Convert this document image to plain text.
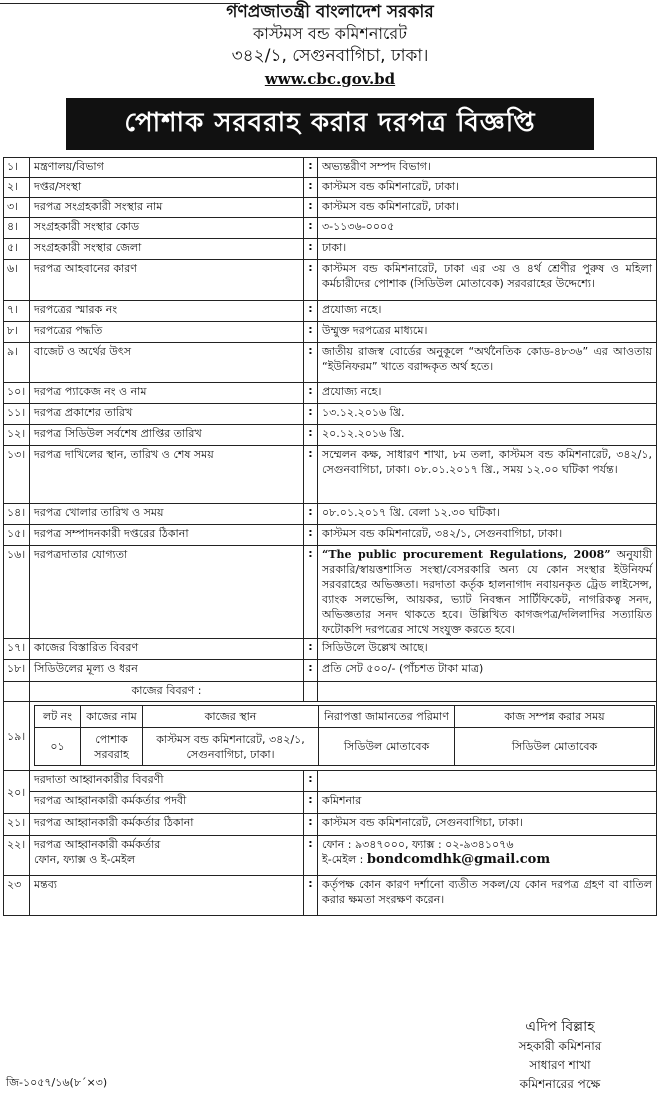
গণপ্রজাতন্ত্রী বাংলাদেশ সরকার
কাস্টমস বন্ড কমিশনারেট
৩৪২/১, সেগুনবাগিচা, ঢাকা।
www.cbc.gov.bd
পোশাক সরবরাহ করার দরপত্র বিজ্ঞপ্তি
১।	মন্ত্রণালয়/বিভাগ	:	অভ্যন্তরীণ সম্পদ বিভাগ।
২।	দপ্তর/সংস্থা	:	কাস্টমস বন্ড কমিশনারেট, ঢাকা।
৩।	দরপত্র সংগ্রহকারী সংস্থার নাম	:	কাস্টমস বন্ড কমিশনারেট, ঢাকা।
৪।	সংগ্রহকারী সংস্থার কোড	:	৩-১১৩৬-০০০৫
৫।	সংগ্রহকারী সংস্থার জেলা	:	ঢাকা।
৬।	দরপত্র আহবানের কারণ	:	কাস্টমস বন্ড কমিশনারেট, ঢাকা এর ৩য় ও ৪র্থ শ্রেণীর পুরুষ ও মহিলা কর্মচারীদের পোশাক (সিডিউল মোতাবেক) সরবরাহের উদ্দেশ্যে।
৭।	দরপত্রের স্মারক নং	:	প্রযোজ্য নহে।
৮।	দরপত্রের পদ্ধতি	:	উম্মুক্ত দরপত্রের মাধ্যমে।
৯।	বাজেট ও অর্থের উৎস	:	জাতীয় রাজস্ব বোর্ডের অনুকূলে “অর্থনৈতিক কোড-৪৮৩৬” এর আওতায় “ইউনিফরম” খাতে বরাদ্দকৃত অর্থ হতে।
১০।	দরপত্র প্যাকেজ নং ও নাম	:	প্রযোজ্য নহে।
১১।	দরপত্র প্রকাশের তারিখ	:	১৩.১২.২০১৬ খ্রি.
১২।	দরপত্র সিডিউল সর্বশেষ প্রাপ্তির তারিখ	:	২০.১২.২০১৬ খ্রি.
১৩।	দরপত্র দাখিলের স্থান, তারিখ ও শেষ সময়	:	সম্মেলন কক্ষ, সাধারণ শাখা, ৮ম তলা, কাস্টমস বন্ড কমিশনারেট, ৩৪২/১, সেগুনবাগিচা, ঢাকা। ০৮.০১.২০১৭ খ্রি., সময় ১২.০০ ঘটিকা পর্যন্ত।
১৪।	দরপত্র খোলার তারিখ ও সময়	:	০৮.০১.২০১৭ খ্রি. বেলা ১২.৩০ ঘটিকা।
১৫।	দরপত্র সম্পাদনকারী দপ্তরের ঠিকানা	:	কাস্টমস বন্ড কমিশনারেট, ৩৪২/১, সেগুনবাগিচা, ঢাকা।
১৬।	দরপত্রদাতার যোগ্যতা	:	“The public procurement Regulations, 2008” অনুযায়ী সরকারি/স্বায়ত্তশাসিত সংস্থা/বেসরকারি অন্য যে কোন সংস্থার ইউনিফর্ম সরবরাহের অভিজ্ঞতা। দরদাতা কর্তৃক হালনাগাদ নবায়নকৃত ট্রেড লাইসেন্স, ব্যাংক সলভেন্সি, আয়কর, ভ্যাট নিবন্ধন সার্টিফিকেট, নাগরিকত্ব সনদ, অভিজ্ঞতার সনদ থাকতে হবে। উল্লিখিত কাগজপত্র/দলিলাদির সত্যায়িত ফটোকপি দরপত্রের সাথে সংযুক্ত করতে হবে।
১৭।	কাজের বিস্তারিত বিবরণ	:	সিডিউলে উল্লেখ আছে।
১৮।	সিডিউলের মূল্য ও ধরন	:	প্রতি সেট ৫০০/- (পাঁচশত টাকা মাত্র)
	কাজের বিবরণ :		
১৯।	
লট নং	কাজের নাম	কাজের স্থান	নিরাপত্তা জামানতের পরিমাণ	কাজ সম্পন্ন করার সময়
০১	পোশাক সরবরাহ	কাস্টমস বন্ড কমিশনারেট, ৩৪২/১, সেগুনবাগিচা, ঢাকা।	সিডিউল মোতাবেক	সিডিউল মোতাবেক

২০।	দরদাতা আহ্বানকারীর বিবরণী	:	
দরপত্র আহ্বানকারী কর্মকর্তার পদবী	:	কমিশনার
২১।	দরপত্র আহ্বানকারী কর্মকর্তার ঠিকানা	:	কাস্টমস বন্ড কমিশনারেট, সেগুনবাগিচা, ঢাকা।
২২।	দরপত্র আহ্বানকারী কর্মকর্তার
ফোন, ফ্যাক্স ও ই-মেইল
	:	ফোন : ৯৩৪৭০০০, ফ্যাক্স : ০২-৯৩৪১০৭৬
ই-মেইল : bondcomdhk@gmail.com

২৩	মন্তব্য	:	কর্তৃপক্ষ কোন কারণ দর্শানো ব্যতীত সকল/যে কোন দরপত্র গ্রহণ বা বাতিল করার ক্ষমতা সংরক্ষণ করেন।
এদিপ বিল্লাহ
সহকারী কমিশনার
সাধারণ শাখা
কমিশনারের পক্ষে
জি-১০৫৭/১৬(৮´×৩)
